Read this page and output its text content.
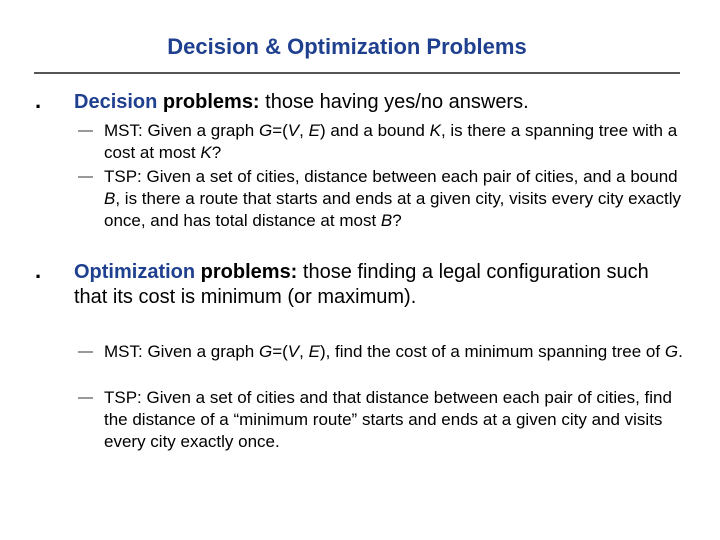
Decision & Optimization Problems
. Decision problems: those having yes/no answers.
— MST: Given a graph G=(V, E) and a bound K, is there a spanning tree with a cost at most K?
— TSP: Given a set of cities, distance between each pair of cities, and a bound B, is there a route that starts and ends at a given city, visits every city exactly once, and has total distance at most B?
. Optimization problems: those finding a legal configuration such that its cost is minimum (or maximum).
— MST: Given a graph G=(V, E), find the cost of a minimum spanning tree of G.
— TSP: Given a set of cities and that distance between each pair of cities, find the distance of a “minimum route” starts and ends at a given city and visits every city exactly once.
